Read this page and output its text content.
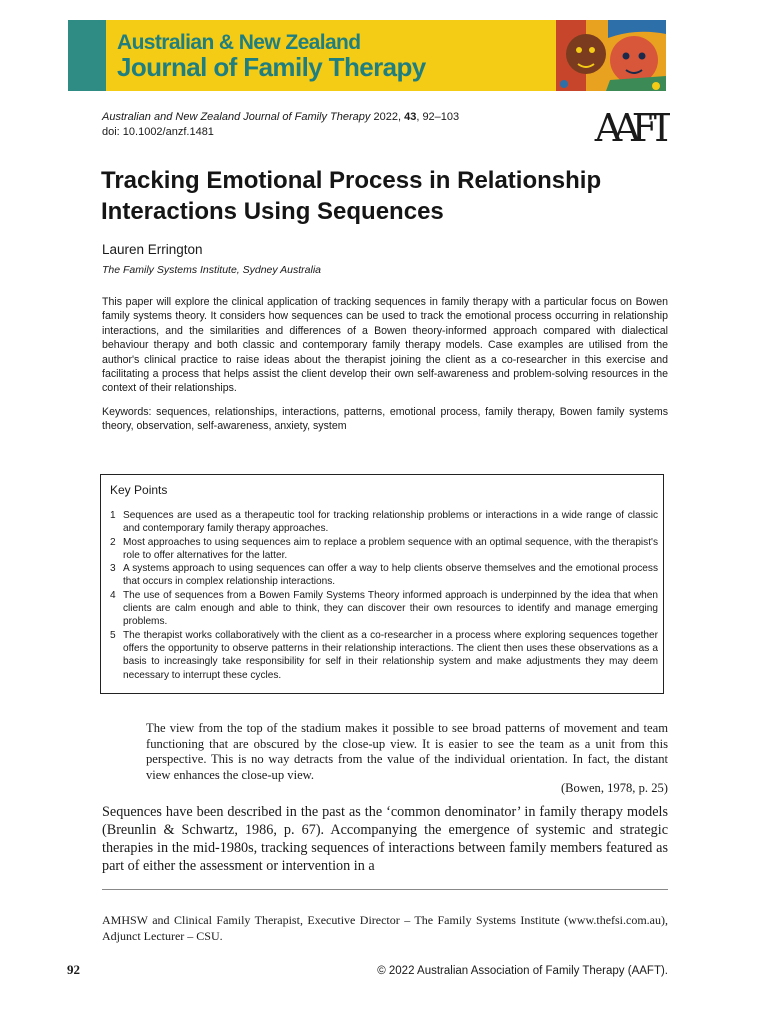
Australian & New Zealand
Journal of Family Therapy
Australian and New Zealand Journal of Family Therapy 2022, 43, 92–103
doi: 10.1002/anzf.1481	AAFT
Tracking Emotional Process in Relationship Interactions Using Sequences
Lauren Errington
The Family Systems Institute, Sydney Australia

This paper will explore the clinical application of tracking sequences in family therapy with a particular focus on Bowen family systems theory. It considers how sequences can be used to track the emotional process occurring in relationship interactions, and the similarities and differences of a Bowen theory-informed approach compared with dialectical behaviour therapy and both classic and contemporary family therapy models. Case examples are utilised from the author's clinical practice to raise ideas about the therapist joining the client as a co-researcher in this exercise and facilitating a process that helps assist the client develop their own self-awareness and problem-solving resources in the context of their relationships.

Keywords: sequences, relationships, interactions, patterns, emotional process, family therapy, Bowen family systems theory, observation, self-awareness, anxiety, system

Key Points
1 Sequences are used as a therapeutic tool for tracking relationship problems or interactions in a wide range of classic and contemporary family therapy approaches.
2 Most approaches to using sequences aim to replace a problem sequence with an optimal sequence, with the therapist's role to offer alternatives for the latter.
3 A systems approach to using sequences can offer a way to help clients observe themselves and the emotional process that occurs in complex relationship interactions.
4 The use of sequences from a Bowen Family Systems Theory informed approach is underpinned by the idea that when clients are calm enough and able to think, they can discover their own resources to identify and manage emerging problems.
5 The therapist works collaboratively with the client as a co-researcher in a process where exploring sequences together offers the opportunity to observe patterns in their relationship interactions. The client then uses these observations as a basis to increasingly take responsibility for self in their relationship system and make adjustments they may deem necessary to interrupt these cycles.

The view from the top of the stadium makes it possible to see broad patterns of movement and team functioning that are obscured by the close-up view. It is easier to see the team as a unit from this perspective. This is no way detracts from the value of the individual orientation. In fact, the distant view enhances the close-up view.

(Bowen, 1978, p. 25)

Sequences have been described in the past as the ‘common denominator’ in family therapy models (Breunlin & Schwartz, 1986, p. 67). Accompanying the emergence of systemic and strategic therapies in the mid-1980s, tracking sequences of interactions between family members featured as part of either the assessment or intervention in a

AMHSW and Clinical Family Therapist, Executive Director – The Family Systems Institute (www.thefsi.com.au), Adjunct Lecturer – CSU.

92	© 2022 Australian Association of Family Therapy (AAFT).
